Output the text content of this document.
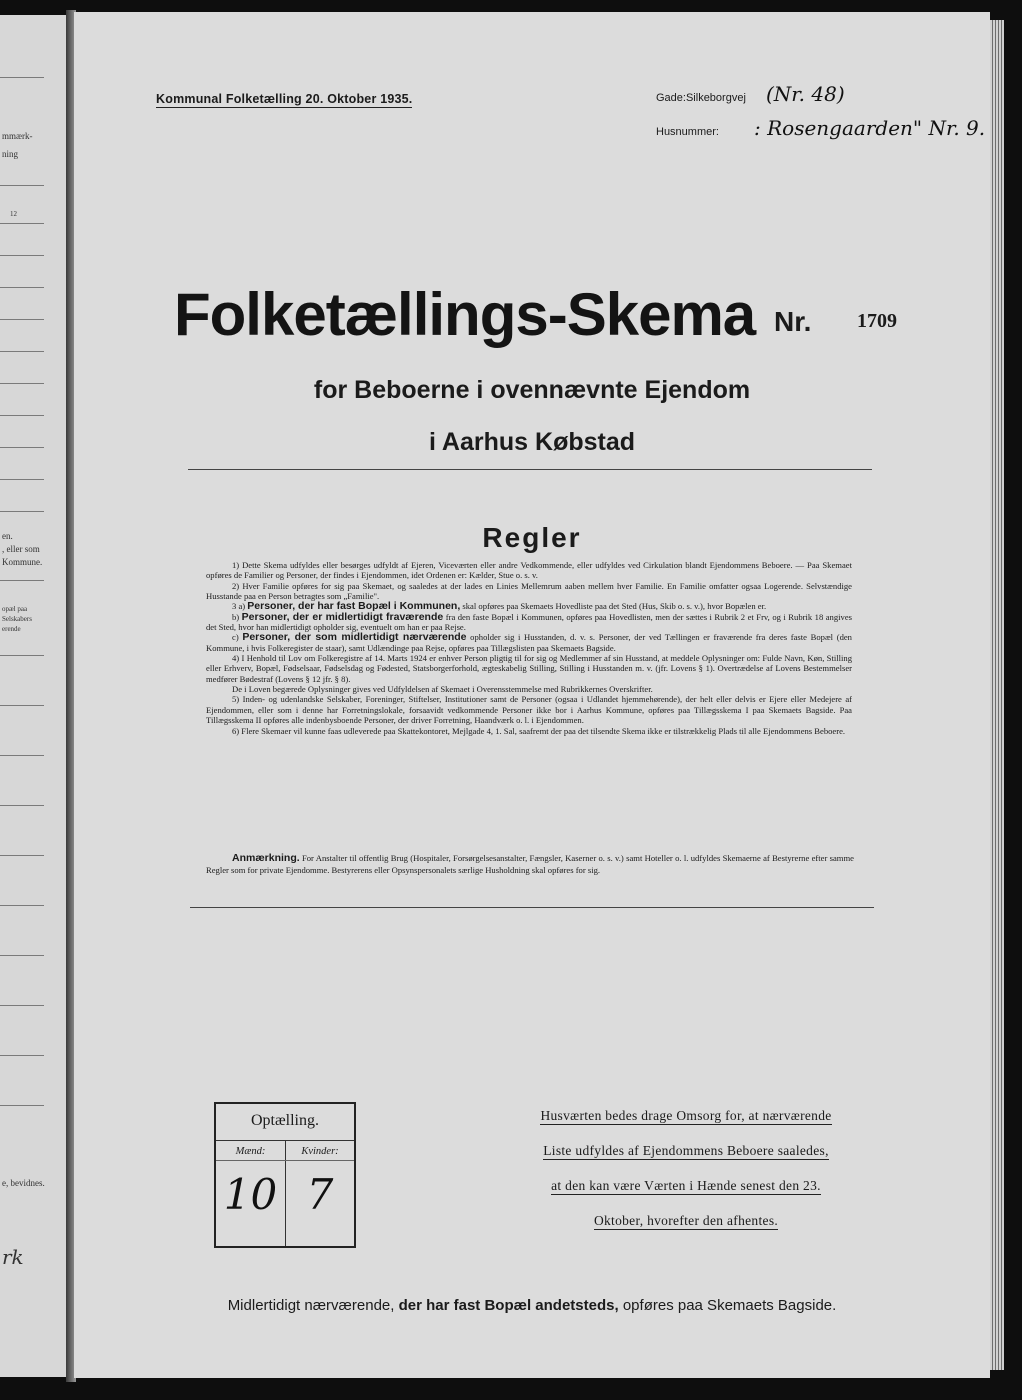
mmærk-
ning
12
en.
, eller som
Kommune.
opæl paa
Selskabers
erende
e, bevidnes.
rk
Kommunal Folketælling 20. Oktober 1935.	Gade:Silkeborgvej (Nr. 48)
Husnummer: : Rosengaarden" Nr. 9.
Folketællings-Skema Nr. 1709
for Beboerne i ovennævnte Ejendom
i Aarhus Købstad
Regler

1) Dette Skema udfyldes eller besørges udfyldt af Ejeren, Viceværten eller andre Vedkommende, eller udfyldes ved Cirkulation blandt Ejendommens Beboere. — Paa Skemaet opføres de Familier og Personer, der findes i Ejendommen, idet Ordenen er: Kælder, Stue o. s. v.

2) Hver Familie opføres for sig paa Skemaet, og saaledes at der lades en Linies Mellemrum aaben mellem hver Familie. En Familie omfatter ogsaa Logerende. Selvstændige Husstande paa en Person betragtes som „Familie".

3 a) Personer, der har fast Bopæl i Kommunen, skal opføres paa Skemaets Hovedliste paa det Sted (Hus, Skib o. s. v.), hvor Bopælen er.

b) Personer, der er midlertidigt fraværende fra den faste Bopæl i Kommunen, opføres paa Hovedlisten, men der sættes i Rubrik 2 et Frv, og i Rubrik 18 angives det Sted, hvor han midlertidigt opholder sig, eventuelt om han er paa Rejse.

c) Personer, der som midlertidigt nærværende opholder sig i Husstanden, d. v. s. Personer, der ved Tællingen er fraværende fra deres faste Bopæl (den Kommune, i hvis Folkeregister de staar), samt Udlændinge paa Rejse, opføres paa Tillægslisten paa Skemaets Bagside.

4) I Henhold til Lov om Folkeregistre af 14. Marts 1924 er enhver Person pligtig til for sig og Medlemmer af sin Husstand, at meddele Oplysninger om: Fulde Navn, Køn, Stilling eller Erhverv, Bopæl, Fødselsaar, Fødselsdag og Fødested, Statsborgerforhold, ægteskabelig Stilling, Stilling i Husstanden m. v. (jfr. Lovens § 1). Overtrædelse af Lovens Bestemmelser medfører Bødestraf (Lovens § 12 jfr. § 8).

De i Loven begærede Oplysninger gives ved Udfyldelsen af Skemaet i Overensstemmelse med Rubrikkernes Overskrifter.

5) Inden- og udenlandske Selskaber, Foreninger, Stiftelser, Institutioner samt de Personer (ogsaa i Udlandet hjemmehørende), der helt eller delvis er Ejere eller Medejere af Ejendommen, eller som i denne har Forretningslokale, forsaavidt vedkommende Personer ikke bor i Aarhus Kommune, opføres paa Tillægsskema I paa Skemaets Bagside. Paa Tillægsskema II opføres alle indenbysboende Personer, der driver Forretning, Haandværk o. l. i Ejendommen.

6) Flere Skemaer vil kunne faas udleverede paa Skattekontoret, Mejlgade 4, 1. Sal, saafremt der paa det tilsendte Skema ikke er tilstrækkelig Plads til alle Ejendommens Beboere.

Anmærkning. For Anstalter til offentlig Brug (Hospitaler, Forsørgelsesanstalter, Fængsler, Kaserner o. s. v.) samt Hoteller o. l. udfyldes Skemaerne af Bestyrerne efter samme Regler som for private Ejendomme. Bestyrerens eller Opsynspersonalets særlige Husholdning skal opføres for sig.

Optælling.
Mænd:
10
Kvinder:
7
Husværten bedes drage Omsorg for, at nærværende
Liste udfyldes af Ejendommens Beboere saaledes,
at den kan være Værten i Hænde senest den 23.
Oktober, hvorefter den afhentes.
Midlertidigt nærværende, der har fast Bopæl andetsteds, opføres paa Skemaets Bagside.
